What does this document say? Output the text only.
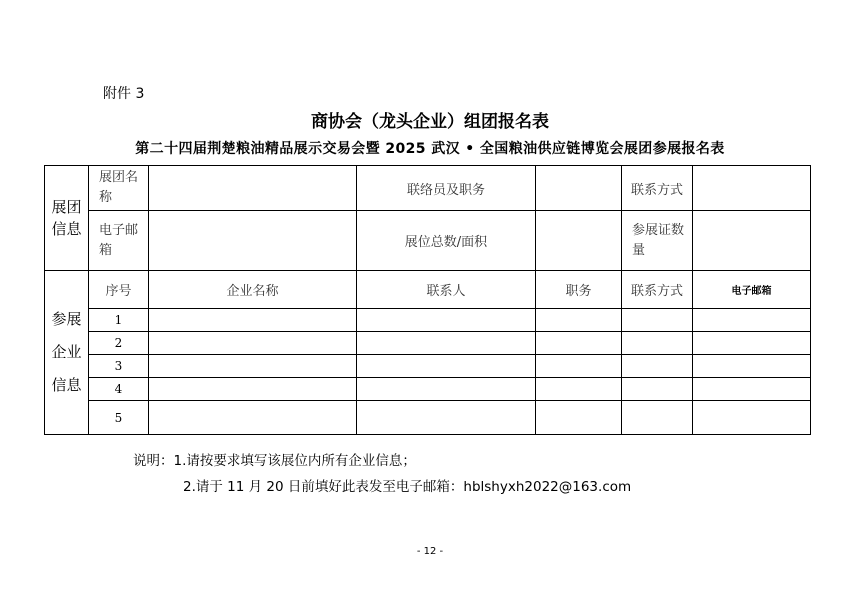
附件 3
商协会（龙头企业）组团报名表
第二十四届荆楚粮油精品展示交易会暨 2025 武汉 • 全国粮油供应链博览会展团参展报名表
展团
信息	展团名称		联络员及职务		联系方式	
	电子邮箱		展位总数/面积		参展证数量	

参展
企业
信息	序号	企业名称	联系人	职务	联系方式	电子邮箱
	1					
	2					
	3					
	4					
	5					
说明：1.请按要求填写该展位内所有企业信息；
2.请于 11 月 20 日前填好此表发至电子邮箱：hblshyxh2022@163.com
- 12 -
